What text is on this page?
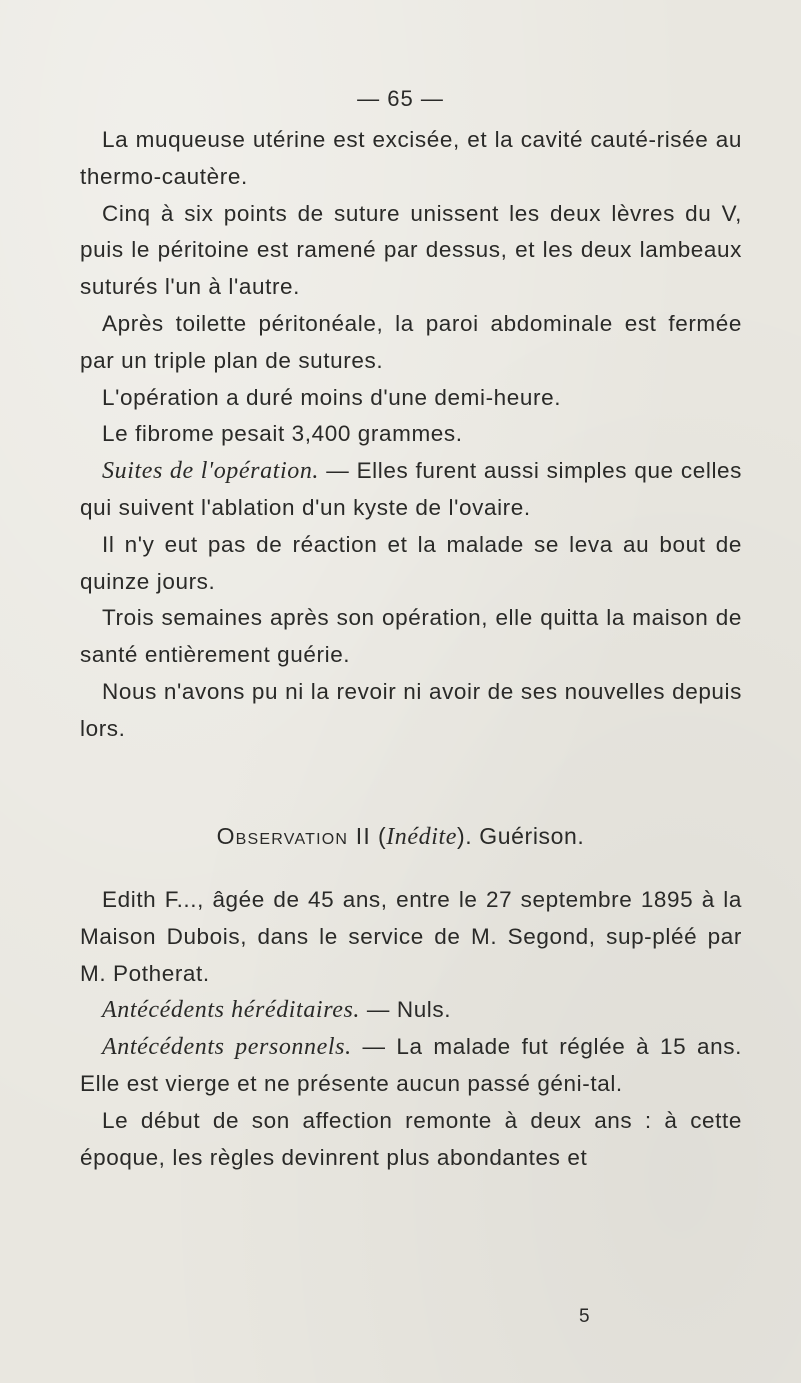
— 65 —

La muqueuse utérine est excisée, et la cavité cauté-risée au thermo-cautère.

Cinq à six points de suture unissent les deux lèvres du V, puis le péritoine est ramené par dessus, et les deux lambeaux suturés l'un à l'autre.

Après toilette péritonéale, la paroi abdominale est fermée par un triple plan de sutures.

L'opération a duré moins d'une demi-heure.

Le fibrome pesait 3,400 grammes.

Suites de l'opération. — Elles furent aussi simples que celles qui suivent l'ablation d'un kyste de l'ovaire.

Il n'y eut pas de réaction et la malade se leva au bout de quinze jours.

Trois semaines après son opération, elle quitta la maison de santé entièrement guérie.

Nous n'avons pu ni la revoir ni avoir de ses nouvelles depuis lors.

Observation II (Inédite). Guérison.

Edith F..., âgée de 45 ans, entre le 27 septembre 1895 à la Maison Dubois, dans le service de M. Segond, sup-pléé par M. Potherat.

Antécédents héréditaires. — Nuls.

Antécédents personnels. — La malade fut réglée à 15 ans. Elle est vierge et ne présente aucun passé géni-tal.

Le début de son affection remonte à deux ans : à cette époque, les règles devinrent plus abondantes et

5
